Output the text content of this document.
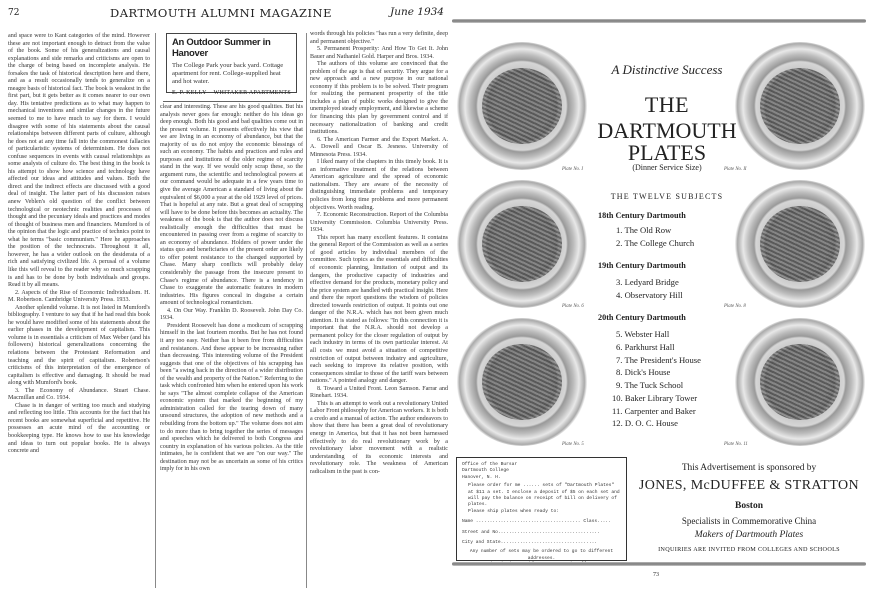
72	DARTMOUTH ALUMNI MAGAZINE	June 1934

and space were to Kant categories of the mind. However these are not important enough to detract from the value of the book. Some of his generalizations and causal explanations and side remarks and criticisms are open to the charge of being based on incomplete analysis. He forsakes the task of historical description here and there, and as a result occasionally tends to generalize on a meagre basis of historical fact. The book is weakest in the first part, but it gets better as it comes nearer to our own day. His tentative predictions as to what may happen to mechanical inventions and similar changes in the future seemed to me to have much to say for them. I would disagree with some of his statements about the causal relationships between different parts of culture, although he does not at any time fall into the commonest fallacies of particularistic systems of determinism. He does not confuse sequences in events with causal relationships as some analysts of culture do. The best thing in the book is his attempt to show how science and technology have affected our ideas and attitudes and values. Both the direct and the indirect effects are discussed with a good deal of insight. The latter part of his discussion raises anew Veblen's old question of the conflict between technological or neotechnic realities and processes of thought and the pecuniary ideals and practices and modes of thought of business men and financiers. Mumford is of the opinion that the logic and practice of technics point to what he terms "basic communism." Here he approaches the position of the technocrats. Throughout it all, however, he has a wider outlook on the desiderata of a rich and satisfying civilized life. A perusal of a volume like this will reveal to the reader why so much scrapping is and has to be done by both individuals and groups. Read it by all means.

2. Aspects of the Rise of Economic Individualism. H. M. Robertson. Cambridge University Press. 1933.

Another splendid volume. It is not listed in Mumford's bibliography. I venture to say that if he had read this book he would have modified some of his statements about the earlier phases in the development of capitalism. This volume is in essentials a criticism of Max Weber (and his followers) historical generalizations concerning the relations between the Protestant Reformation and teaching and the spirit of capitalism. Robertson's criticisms of this interpretation of the emergence of capitalism is effective and damaging. It should be read along with Mumford's book.

3. The Economy of Abundance. Stuart Chase. Macmillan and Co. 1934.

Chase is in danger of writing too much and studying and reflecting too little. This accounts for the fact that his recent books are somewhat superficial and repetitive. He possesses an acute mind of the accounting or bookkeeping type. He knows how to use his knowledge and ideas to turn out popular books. He is always concrete and

An Outdoor Summer in Hanover
The College Park your back yard. Cottage apartment for rent. College-supplied heat and hot water.
E. P. KELLY WHITAKER APARTMENTS

clear and interesting. These are his good qualities. But his analysis never goes far enough: neither do his ideas go deep enough. Both his good and bad qualities come out in the present volume. It presents effectively his view that we are living in an economy of abundance, but that the majority of us do not enjoy the economic blessings of such an economy. The habits and practices and rules and purposes and institutions of the older regime of scarcity stand in the way. If we would only scrap these, so the argument runs, the scientific and technological powers at our command would be adequate in a few years time to give the average American a standard of living about the equivalent of $6,000 a year at the old 1929 level of prices. That is hopeful at any rate. But a great deal of scrapping will have to be done before this becomes an actuality. The weakness of the book is that the author does not discuss realistically enough the difficulties that must be encountered in passing over from a regime of scarcity to an economy of abundance. Holders of power under the status quo and beneficiaries of the present order are likely to offer potent resistance to the changed supported by Chase. Many sharp conflicts will probably delay considerably the passage from the insecure present to Chase's regime of abundance. There is a tendency in Chase to exaggerate the automatic features in modern industries. His figures conceal in disguise a certain amount of technological romanticism.

4. On Our Way. Franklin D. Roosevelt. John Day Co. 1934.

President Roosevelt has done a modicum of scrapping himself in the last fourteen months. But he has not found it any too easy. Neither has it been free from difficulties and resistances. And these appear to be increasing rather than decreasing. This interesting volume of the President suggests that one of the objectives of his scrapping has been "a swing back in the direction of a wider distribution of the wealth and property of the Nation." Referring to the task which confronted him when he entered upon his work he says "The almost complete collapse of the American economic system that marked the beginning of my administration called for the tearing down of many unsound structures, the adoption of new methods and a rebuilding from the bottom up." The volume does not aim to do more than to bring together the series of messages and speeches which he delivered to both Congress and country in explanation of his various policies. As the title intimates, he is confident that we are "on our way." The destination may not be as uncertain as some of his critics imply for in his own

words through his policies "has run a very definite, deep and permanent objective."

5. Permanent Prosperity: And How To Get It. John Bauer and Nathaniel Gold. Harper and Bros. 1934.

The authors of this volume are convinced that the problem of the age is that of security. They argue for a new approach and a new purpose in our national economy if this problem is to be solved. Their program for realizing the permanent prosperity of the title includes a plan of public works designed to give the unemployed steady employment, and likewise a scheme for financing this plan by government control and if necessary nationalization of banking and credit institutions.

6. The American Farmer and the Export Market. A. A. Dowell and Oscar B. Jesness. University of Minnesota Press. 1934.

I liked many of the chapters in this timely book. It is an informative treatment of the relations between American agriculture and the spread of economic nationalism. They are aware of the necessity of distinguishing immediate problems and temporary policies from long time problems and more permanent objectives. Worth reading.

7. Economic Reconstruction. Report of the Columbia University Commission. Columbia University Press. 1934.

This report has many excellent features. It contains the general Report of the Commission as well as a series of good articles by individual members of the committee. Such topics as the essentials and difficulties of economic planning, limitation of output and its dangers, the productive capacity of industries and effective demand for the products, monetary policy and the price system are handled with practical insight. Here and there the report questions the wisdom of policies directed towards restriction of output. It points out one danger of the N.R.A. which has not been given much attention. It is stated as follows: "In this connection it is important that the N.R.A. should not develop a permanent policy for the closer regulation of output by each industry in terms of its own particular interest. At all costs we must avoid a situation of competitive restriction of output between industry and agriculture, each seeking to improve its relative position, with consequences similar to those of the tariff wars between nations." A pointed analogy and danger.

8. Toward a United Front. Leon Samson. Farrar and Rinehart. 1934.

This is an attempt to work out a revolutionary United Labor Front philosophy for American workers. It is both a credo and a manual of action. The author endeavors to show that there has been a great deal of revolutionary energy in America, but that it has not been harnessed effectively to do real revolutionary work by a revolutionary labor movement with a realistic understanding of its economic interests and revolutionary role. The weakness of American radicalism in the past is con-

Plate No. I	Plate No. II
Plate No. 6	Plate No. 8
Plate No. 5	Plate No. 11
A Distinctive Success
THE
DARTMOUTH
PLATES
(Dinner Service Size)
THE TWELVE SUBJECTS
18th Century Dartmouth
1. The Old Row
2. The College Church
19th Century Dartmouth
3. Ledyard Bridge
4. Observatory Hill
20th Century Dartmouth
5. Webster Hall
6. Parkhurst Hall
7. The President's House
8. Dick's House
9. The Tuck School
10. Baker Library Tower
11. Carpenter and Baker
12. D. O. C. House
Office of the Bursar
Dartmouth College
Hanover, N. H.
Please order for me ...... sets of "Dartmouth Plates" at $11 a set. I enclose a deposit of $5 on each set and will pay the balance on receipt of bill on delivery of plates.
Please ship plates when ready to:
Name ...................................... Class.....
Street and No.....................................
City and State...................................
Any number of sets may be ordered to go to different addresses.
This Advertisement is sponsored by
JONES, McDUFFEE & STRATTON
Boston
Specialists in Commemorative China
Makers of Dartmouth Plates
INQUIRIES ARE INVITED FROM COLLEGES AND SCHOOLS
73
